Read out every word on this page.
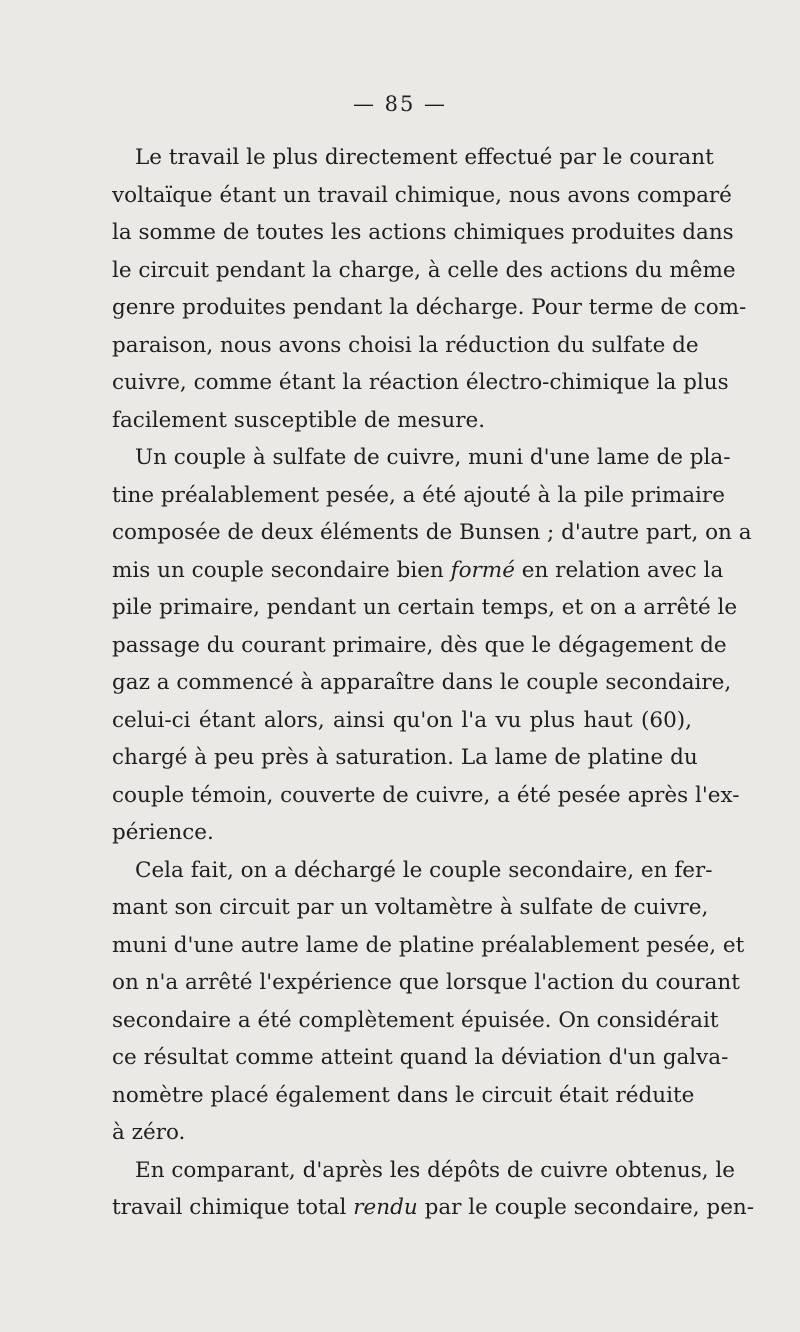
— 85 —
Le travail le plus directement effectué par le courant
voltaïque étant un travail chimique, nous avons comparé
la somme de toutes les actions chimiques produites dans
le circuit pendant la charge, à celle des actions du même
genre produites pendant la décharge. Pour terme de com-
paraison, nous avons choisi la réduction du sulfate de
cuivre, comme étant la réaction électro-chimique la plus
facilement susceptible de mesure.
Un couple à sulfate de cuivre, muni d'une lame de pla-
tine préalablement pesée, a été ajouté à la pile primaire
composée de deux éléments de Bunsen ; d'autre part, on a
mis un couple secondaire bien formé en relation avec la
pile primaire, pendant un certain temps, et on a arrêté le
passage du courant primaire, dès que le dégagement de
gaz a commencé à apparaître dans le couple secondaire,
celui-ci étant alors, ainsi qu'on l'a vu plus haut (60),
chargé à peu près à saturation. La lame de platine du
couple témoin, couverte de cuivre, a été pesée après l'ex-
périence.
Cela fait, on a déchargé le couple secondaire, en fer-
mant son circuit par un voltamètre à sulfate de cuivre,
muni d'une autre lame de platine préalablement pesée, et
on n'a arrêté l'expérience que lorsque l'action du courant
secondaire a été complètement épuisée. On considérait
ce résultat comme atteint quand la déviation d'un galva-
nomètre placé également dans le circuit était réduite
à zéro.
En comparant, d'après les dépôts de cuivre obtenus, le
travail chimique total rendu par le couple secondaire, pen-
